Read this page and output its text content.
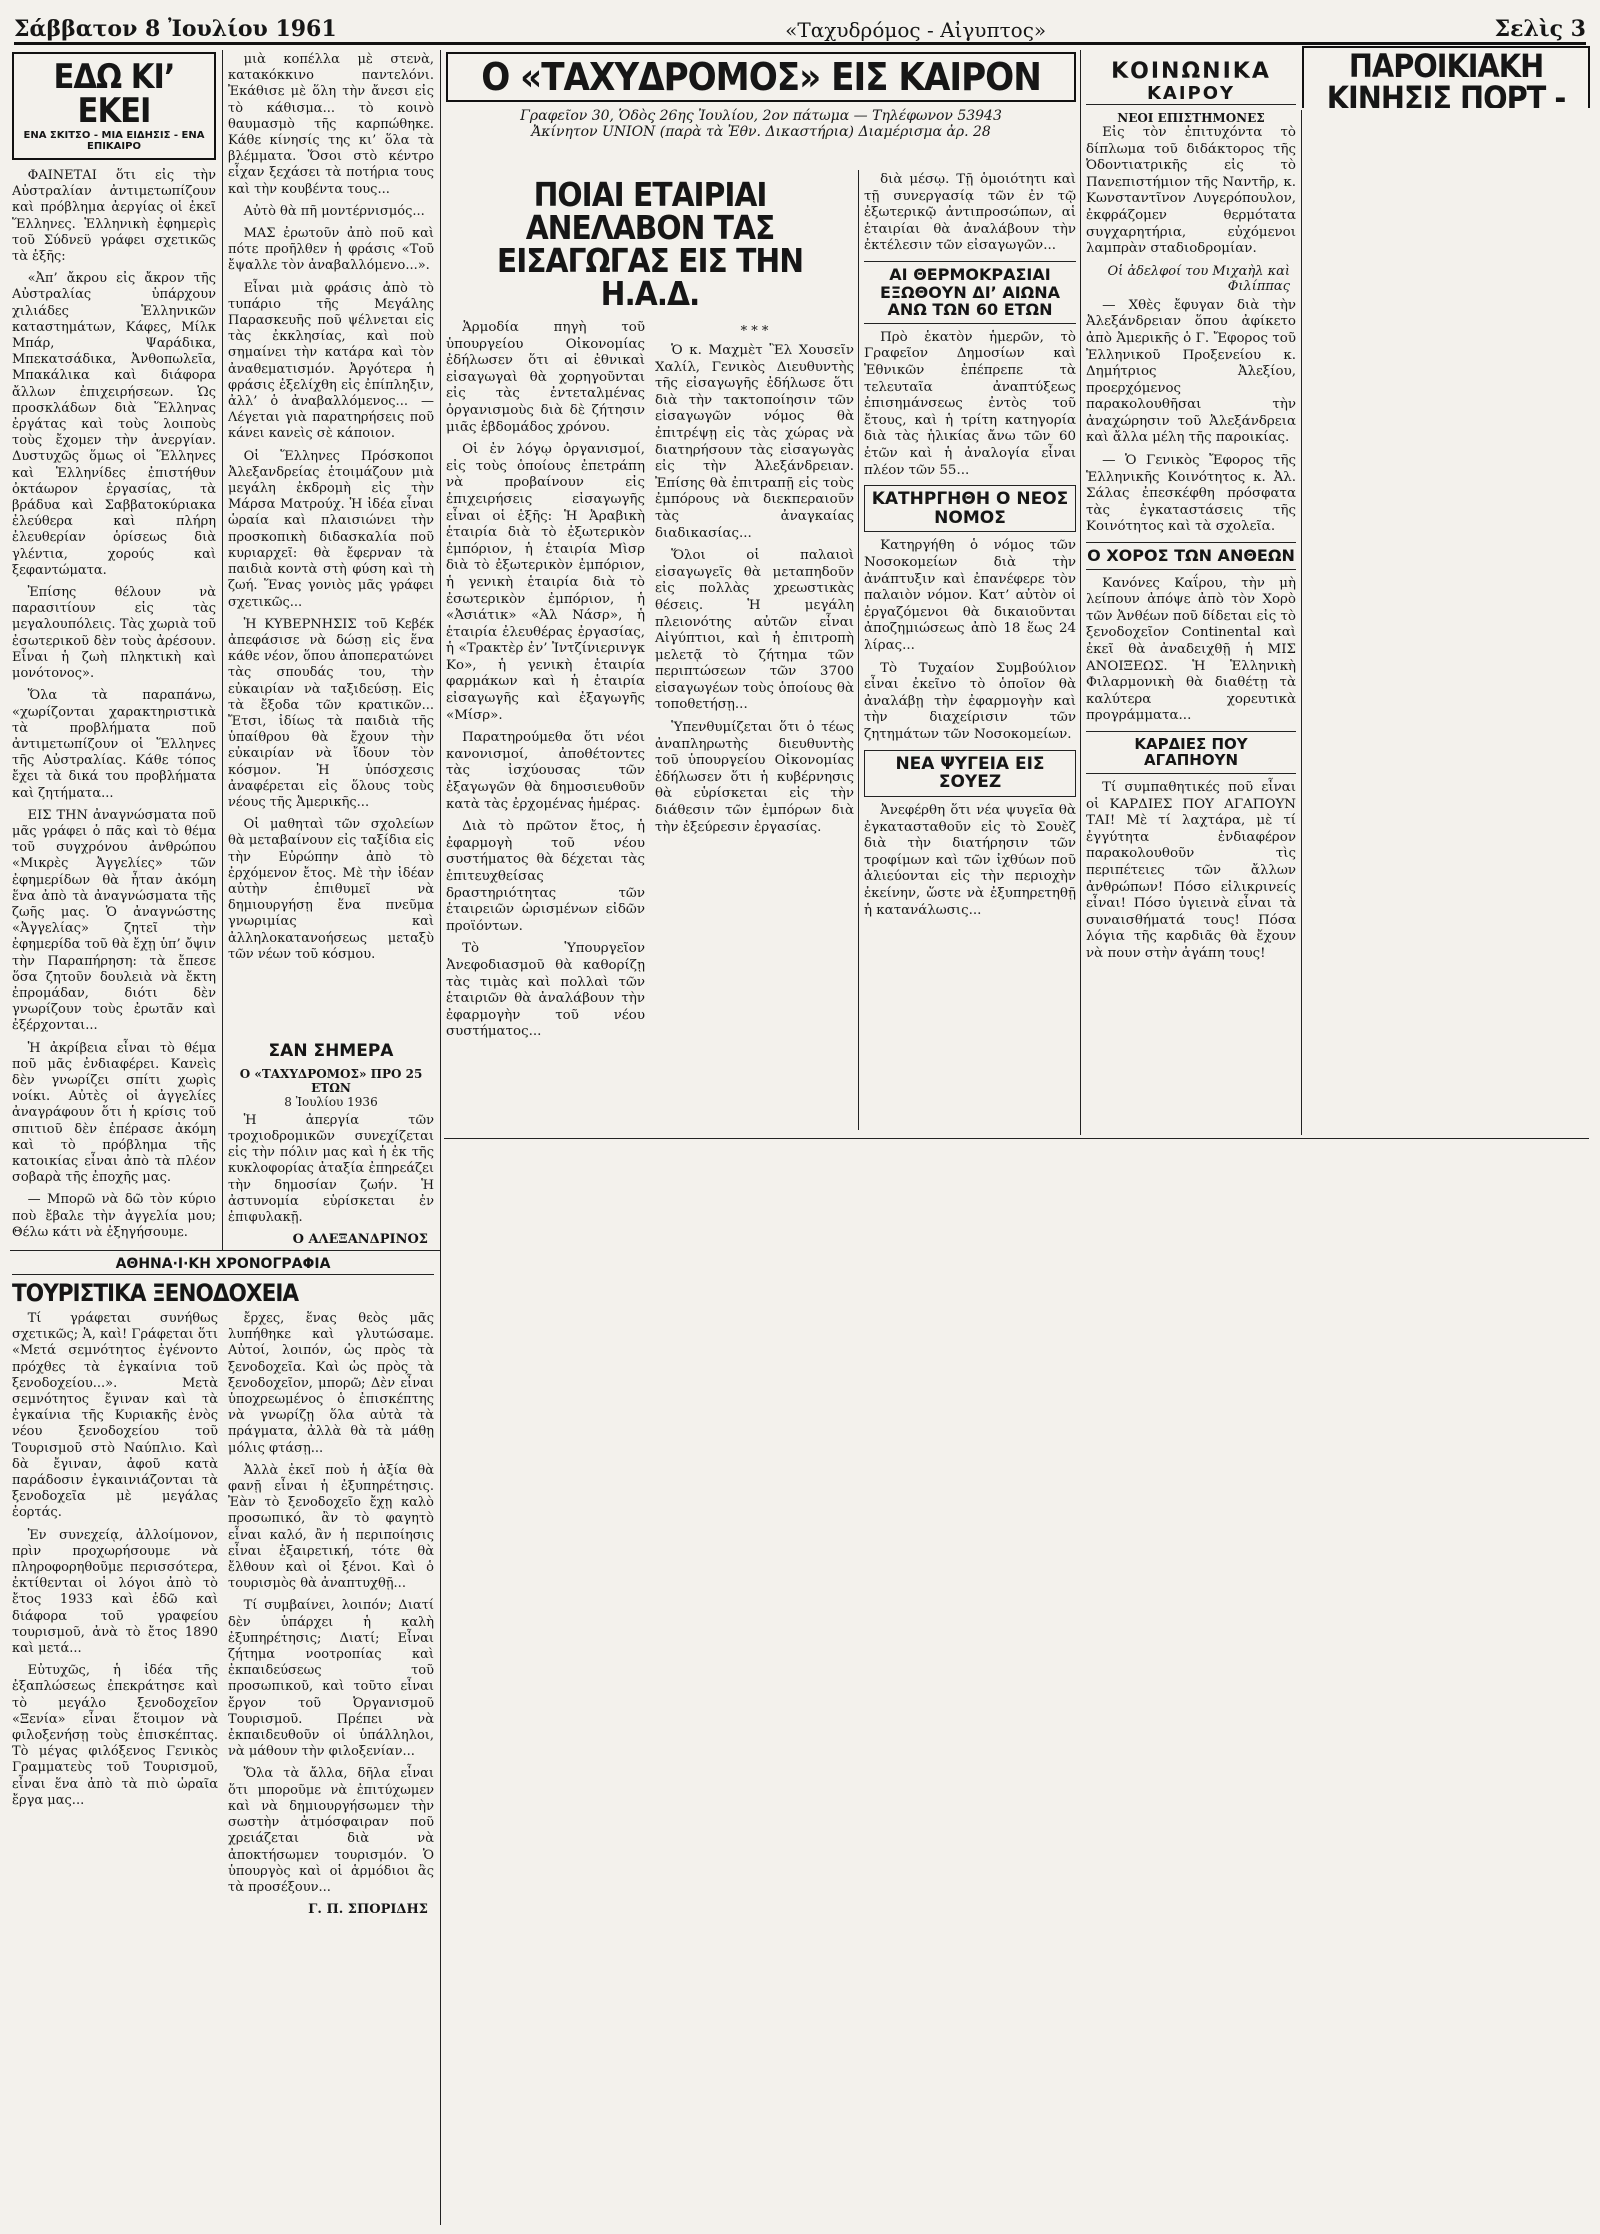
Σάββατον 8 Ἰουλίου 1961	«Ταχυδρόμος - Αἰγυπτος»	Σελὶς 3
ΕΔΩ ΚΙ’ ΕΚΕΙ
ΕΝΑ ΣΚΙΤΣΟ - ΜΙΑ ΕΙΔΗΣΙΣ - ΕΝΑ ΕΠΙΚΑΙΡΟ

ΦΑΙΝΕΤΑΙ ὅτι εἰς τὴν Αὐστραλίαν ἀντιμετωπίζουν καὶ πρόβλημα ἀεργίας οἱ ἐκεῖ Ἕλληνες. Ἑλληνικὴ ἐφημερὶς τοῦ Σύδνεϋ γράφει σχετικῶς τὰ ἑξῆς:

«Ἀπ’ ἄκρου εἰς ἄκρον τῆς Αὐστραλίας ὑπάρχουν χιλιάδες Ἑλληνικῶν καταστημάτων, Κάφες, Μίλκ Μπάρ, Ψαράδικα, Μπεκατσάδικα, Ἀνθοπωλεῖα, Μπακάλικα καὶ διάφορα ἄλλων ἐπιχειρήσεων. Ὡς προσκλάδων διὰ Ἕλληνας ἐργάτας καὶ τοὺς λοιποὺς τοὺς ἔχομεν τὴν ἀνεργίαν. Δυστυχῶς ὅμως οἱ Ἕλληνες καὶ Ἑλληνίδες ἐπιστήθυν ὀκτάωρον ἐργασίας, τὰ βράδυα καὶ Σαββατοκύριακα ἐλεύθερα καὶ πλήρη ἐλευθερίαν ὁρίσεως διὰ γλέντια, χορούς καὶ ξεφαντώματα.

Ἐπίσης θέλουν νὰ παρασιτίουν εἰς τὰς μεγαλουπόλεις. Τὰς χωριὰ τοῦ ἐσωτερικοῦ δὲν τοὺς ἀρέσουν. Εἶναι ἡ ζωὴ πληκτικὴ καὶ μονότονος».

Ὅλα τὰ παραπάνω, «χωρίζονται χαρακτηριστικὰ τὰ προβλήματα ποῦ ἀντιμετωπίζουν οἱ Ἕλληνες τῆς Αὐστραλίας. Κάθε τόπος ἔχει τὰ δικά του προβλήματα καὶ ζητήματα...

ΕΙΣ ΤΗΝ ἀναγνώσματα ποῦ μᾶς γράφει ὁ πᾶς καὶ τὸ θέμα τοῦ συγχρόνου ἀνθρώπου «Μικρὲς Ἀγγελίες» τῶν ἐφημερίδων θὰ ἦταν ἀκόμη ἕνα ἀπὸ τὰ ἀναγνώσματα τῆς ζωῆς μας. Ὁ ἀναγνώστης «Ἀγγελίας» ζητεῖ τὴν ἐφημερίδα τοῦ θὰ ἔχῃ ὑπ’ ὄψιν τὴν Παραπήρηση: τὰ ἔπεσε ὅσα ζητοῦν δουλειὰ νὰ ἔκτη ἐπρομάδαν, διότι δὲν γνωρίζουν τοὺς ἐρωτᾶν καὶ ἐξέρχονται...

Ἡ ἀκρίβεια εἶναι τὸ θέμα ποῦ μᾶς ἐνδιαφέρει. Κανεὶς δὲν γνωρίζει σπίτι χωρὶς νοίκι. Αὐτὲς οἱ ἀγγελίες ἀναγράφουν ὅτι ἡ κρίσις τοῦ σπιτιοῦ δὲν ἐπέρασε ἀκόμη καὶ τὸ πρόβλημα τῆς κατοικίας εἶναι ἀπὸ τὰ πλέον σοβαρὰ τῆς ἐποχῆς μας.

— Μπορῶ νὰ δῶ τὸν κύριο ποὺ ἔβαλε τὴν ἀγγελία μου; Θέλω κάτι νὰ ἐξηγήσουμε.

μιὰ κοπέλλα μὲ στενὰ, κατακόκκινο παντελόνι. Ἐκάθισε μὲ ὅλη τὴν ἄνεσι εἰς τὸ κάθισμα... τὸ κοινὸ θαυμασμὸ τῆς καρπώθηκε. Κάθε κίνησίς της κι’ ὅλα τὰ βλέμματα. Ὅσοι στὸ κέντρο εἶχαν ξεχάσει τὰ ποτήρια τους καὶ τὴν κουβέντα τους...

Αὐτὸ θὰ πῆ μοντέρνισμός...

ΜΑΣ ἐρωτοῦν ἀπὸ ποῦ καὶ πότε προῆλθεν ἡ φράσις «Τοῦ ἔψαλλε τὸν ἀναβαλλόμενο...».

Εἶναι μιὰ φράσις ἀπὸ τὸ τυπάριο τῆς Μεγάλης Παρασκευῆς ποῦ ψέλνεται εἰς τὰς ἐκκλησίας, καὶ ποὺ σημαίνει τὴν κατάρα καὶ τὸν ἀναθεματισμόν. Ἀργότερα ἡ φράσις ἐξελίχθη εἰς ἐπίπληξιν, ἀλλ’ ὁ ἀναβαλλόμενος... — Λέγεται γιὰ παρατηρήσεις ποῦ κάνει κανεὶς σὲ κάποιον.

Οἱ Ἕλληνες Πρόσκοποι Ἀλεξανδρείας ἑτοιμάζουν μιὰ μεγάλη ἐκδρομὴ εἰς τὴν Μάρσα Ματρούχ. Ἡ ἰδέα εἶναι ὡραία καὶ πλαισιώνει τὴν προσκοπικὴ διδασκαλία ποῦ κυριαρχεῖ: θὰ ἔφερναν τὰ παιδιὰ κοντὰ στὴ φύση καὶ τὴ ζωή. Ἕνας γονιὸς μᾶς γράφει σχετικῶς...

Ἡ ΚΥΒΕΡΝΗΣΙΣ τοῦ Κεβέκ ἀπεφάσισε νὰ δώσῃ εἰς ἕνα κάθε νέον, ὅπου ἀποπερατώνει τὰς σπουδάς του, τὴν εὐκαιρίαν νὰ ταξιδεύσῃ. Εἰς τὰ ἔξοδα τῶν κρατικῶν... Ἔτσι, ἰδίως τὰ παιδιὰ τῆς ὑπαίθρου θὰ ἔχουν τὴν εὐκαιρίαν νὰ ἴδουν τὸν κόσμον. Ἡ ὑπόσχεσις ἀναφέρεται εἰς ὅλους τοὺς νέους τῆς Ἀμερικῆς...

Οἱ μαθηταὶ τῶν σχολείων θὰ μεταβαίνουν εἰς ταξίδια εἰς τὴν Εὐρώπην ἀπὸ τὸ ἐρχόμενον ἔτος. Μὲ τὴν ἰδέαν αὐτὴν ἐπιθυμεῖ νὰ δημιουργήσῃ ἕνα πνεῦμα γνωριμίας καὶ ἀλληλοκατανοήσεως μεταξὺ τῶν νέων τοῦ κόσμου.

ΑΘΗΝΑ·Ι·ΚΗ ΧΡΟΝΟΓΡΑΦΙΑ
ΤΟΥΡΙΣΤΙΚΑ ΞΕΝΟΔΟΧΕΙΑ

Τί γράφεται συνήθως σχετικῶς; Ἁ, καὶ! Γράφεται ὅτι «Μετά σεμνότητος ἐγένοντο πρόχθες τὰ ἐγκαίνια τοῦ ξενοδοχείου...». Μετὰ σεμνότητος ἔγιναν καὶ τὰ ἐγκαίνια τῆς Κυριακῆς ἑνὸς νέου ξενοδοχείου τοῦ Τουρισμοῦ στὸ Ναύπλιο. Καὶ δὰ ἔγιναν, ἀφοῦ κατὰ παράδοσιν ἐγκαινιάζονται τὰ ξενοδοχεῖα μὲ μεγάλας ἐορτάς.

Ἐν συνεχείᾳ, ἀλλοίμονον, πρὶν προχωρήσουμε νὰ πληροφορηθοῦμε περισσότερα, ἐκτίθενται οἱ λόγοι ἀπὸ τὸ ἔτος 1933 καὶ ἐδῶ καὶ διάφορα τοῦ γραφείου τουρισμοῦ, ἀνὰ τὸ ἔτος 1890 καὶ μετά...

Εὐτυχῶς, ἡ ἰδέα τῆς ἐξαπλώσεως ἐπεκράτησε καὶ τὸ μεγάλο ξενοδοχεῖον «Ξενία» εἶναι ἕτοιμον νὰ φιλοξενήσῃ τοὺς ἐπισκέπτας. Τὸ μέγας φιλόξενος Γενικὸς Γραμματεὺς τοῦ Τουρισμοῦ, εἶναι ἕνα ἀπὸ τὰ πιὸ ὡραῖα ἔργα μας...

ἔρχες, ἕνας θεὸς μᾶς λυπήθηκε καὶ γλυτώσαμε. Αὐτοί, λοιπόν, ὡς πρὸς τὰ ξενοδοχεῖα. Καὶ ὡς πρὸς τὰ ξενοδοχεῖον, μπορῶ; Δὲν εἶναι ὑποχρεωμένος ὁ ἐπισκέπτης νὰ γνωρίζῃ ὅλα αὐτὰ τὰ πράγματα, ἀλλὰ θὰ τὰ μάθῃ μόλις φτάσῃ...

Ἀλλὰ ἐκεῖ ποὺ ἡ ἀξία θὰ φανῇ εἶναι ἡ ἐξυπηρέτησις. Ἐὰν τὸ ξενοδοχεῖο ἔχῃ καλὸ προσωπικό, ἂν τὸ φαγητὸ εἶναι καλό, ἂν ἡ περιποίησις εἶναι ἐξαιρετική, τότε θὰ ἔλθουν καὶ οἱ ξένοι. Καὶ ὁ τουρισμὸς θὰ ἀναπτυχθῇ...

Τί συμβαίνει, λοιπόν; Διατί δὲν ὑπάρχει ἡ καλὴ ἐξυπηρέτησις; Διατί; Εἶναι ζήτημα νοοτροπίας καὶ ἐκπαιδεύσεως τοῦ προσωπικοῦ, καὶ τοῦτο εἶναι ἔργον τοῦ Ὀργανισμοῦ Τουρισμοῦ. Πρέπει νὰ ἐκπαιδευθοῦν οἱ ὑπάλληλοι, νὰ μάθουν τὴν φιλοξενίαν...

Ὅλα τὰ ἄλλα, δῆλα εἶναι ὅτι μποροῦμε νὰ ἐπιτύχωμεν καὶ νὰ δημιουργήσωμεν τὴν σωστὴν ἀτμόσφαιραν ποῦ χρειάζεται διὰ νὰ ἀποκτήσωμεν τουρισμόν. Ὁ ὑπουργὸς καὶ οἱ ἁρμόδιοι ἂς τὰ προσέξουν...

Γ. Π. ΣΠΟΡΙΔΗΣ
ΣΑΝ ΣΗΜΕΡΑ
Ο «ΤΑΧΥΔΡΟΜΟΣ» ΠΡΟ 25 ΕΤΩΝ
8 Ἰουλίου 1936

Ἡ ἀπεργία τῶν τροχιοδρομικῶν συνεχίζεται εἰς τὴν πόλιν μας καὶ ἡ ἐκ τῆς κυκλοφορίας ἀταξία ἐπηρεάζει τὴν δημοσίαν ζωήν. Ἡ ἀστυνομία εὑρίσκεται ἐν ἐπιφυλακῇ.

Ο ΑΛΕΞΑΝΔΡΙΝΟΣ
Ο «ΤΑΧΥΔΡΟΜΟΣ» ΕΙΣ ΚΑΙΡΟΝ
Γραφεῖον 30, Ὁδὸς 26ης Ἰουλίου, 2ον πάτωμα — Τηλέφωνον 53943
Ἀκίνητον UNION (παρὰ τὰ Ἐθν. Δικαστήρια) Διαμέρισμα ἀρ. 28
ΠΟΙΑΙ ΕΤΑΙΡΙΑΙ ΑΝΕΛΑΒΟΝ ΤΑΣ ΕΙΣΑΓΩΓΑΣ ΕΙΣ ΤΗΝ Η.Α.Δ.

Ἁρμοδία πηγὴ τοῦ ὑπουργείου Οἰκονομίας ἐδήλωσεν ὅτι αἱ ἐθνικαὶ εἰσαγωγαὶ θὰ χορηγοῦνται εἰς τὰς ἐντεταλμένας ὀργανισμοὺς διὰ δὲ ζήτησιν μιᾶς ἑβδομάδος χρόνου.

Οἱ ἐν λόγῳ ὀργανισμοί, εἰς τοὺς ὁποίους ἐπετράπη νὰ προβαίνουν εἰς ἐπιχειρήσεις εἰσαγωγῆς εἶναι οἱ ἑξῆς: Ἡ Ἀραβικὴ ἑταιρία διὰ τὸ ἐξωτερικὸν ἐμπόριον, ἡ ἑταιρία Μὶσρ διὰ τὸ ἐξωτερικὸν ἐμπόριον, ἡ γενικὴ ἑταιρία διὰ τὸ ἐσωτερικὸν ἐμπόριον, ἡ «Ἀσιάτικ» «Ἀλ Νάσρ», ἡ ἑταιρία ἐλευθέρας ἐργασίας, ἡ «Τρακτὲρ ἐν’ Ἰντζίνιερινγκ Κο», ἡ γενικὴ ἑταιρία φαρμάκων καὶ ἡ ἑταιρία εἰσαγωγῆς καὶ ἐξαγωγῆς «Μίσρ».

Παρατηρούμεθα ὅτι νέοι κανονισμοί, ἀποθέτοντες τὰς ἰσχύουσας τῶν ἐξαγωγῶν θὰ δημοσιευθοῦν κατὰ τὰς ἐρχομένας ἡμέρας.

Διὰ τὸ πρῶτον ἔτος, ἡ ἐφαρμογὴ τοῦ νέου συστήματος θὰ δέχεται τὰς ἐπιτευχθείσας δραστηριότητας τῶν ἑταιρειῶν ὡρισμένων εἰδῶν προϊόντων.

Τὸ Ὑπουργεῖον Ἀνεφοδιασμοῦ θὰ καθορίζῃ τὰς τιμὰς καὶ πολλαὶ τῶν ἑταιριῶν θὰ ἀναλάβουν τὴν ἐφαρμογὴν τοῦ νέου συστήματος...

* * *

Ὁ κ. Μαχμὲτ Ἒλ Χουσεῖν Χαλίλ, Γενικὸς Διευθυντὴς τῆς εἰσαγωγῆς ἐδήλωσε ὅτι διὰ τὴν τακτοποίησιν τῶν εἰσαγωγῶν νόμος θὰ ἐπιτρέψῃ εἰς τὰς χώρας νὰ διατηρήσουν τὰς εἰσαγωγὰς εἰς τὴν Ἀλεξάνδρειαν. Ἐπίσης θὰ ἐπιτραπῇ εἰς τοὺς ἐμπόρους νὰ διεκπεραιοῦν τὰς ἀναγκαίας διαδικασίας...

Ὅλοι οἱ παλαιοὶ εἰσαγωγεῖς θὰ μεταπηδοῦν εἰς πολλὰς χρεωστικὰς θέσεις. Ἡ μεγάλη πλειονότης αὐτῶν εἶναι Αἰγύπτιοι, καὶ ἡ ἐπιτροπὴ μελετᾷ τὸ ζήτημα τῶν περιπτώσεων τῶν 3700 εἰσαγωγέων τοὺς ὁποίους θὰ τοποθετήσῃ...

Ὑπενθυμίζεται ὅτι ὁ τέως ἀναπληρωτὴς διευθυντὴς τοῦ ὑπουργείου Οἰκονομίας ἐδήλωσεν ὅτι ἡ κυβέρνησις θὰ εὑρίσκεται εἰς τὴν διάθεσιν τῶν ἐμπόρων διὰ τὴν ἐξεύρεσιν ἐργασίας.

διὰ μέσῳ. Τῇ ὁμοιότητι καὶ τῇ συνεργασίᾳ τῶν ἐν τῷ ἐξωτερικῷ ἀντιπροσώπων, αἱ ἑταιρίαι θὰ ἀναλάβουν τὴν ἐκτέλεσιν τῶν εἰσαγωγῶν...

ΑΙ ΘΕΡΜΟΚΡΑΣΙΑΙ ΕΞΩΘΟΥΝ ΔΙ’ ΑΙΩΝΑ ΑΝΩ ΤΩΝ 60 ΕΤΩΝ

Πρὸ ἑκατὸν ἡμερῶν, τὸ Γραφεῖον Δημοσίων καὶ Ἐθνικῶν ἐπέπρεπε τὰ τελευταῖα ἀναπτύξεως ἐπισημάνσεως ἐντὸς τοῦ ἔτους, καὶ ἡ τρίτη κατηγορία διὰ τὰς ἡλικίας ἄνω τῶν 60 ἐτῶν καὶ ἡ ἀναλογία εἶναι πλέον τῶν 55...

ΚΑΤΗΡΓΗΘΗ Ο ΝΕΟΣ ΝΟΜΟΣ

Κατηργήθη ὁ νόμος τῶν Νοσοκομείων διὰ τὴν ἀνάπτυξιν καὶ ἐπανέφερε τὸν παλαιὸν νόμον. Κατ’ αὐτὸν οἱ ἐργαζόμενοι θὰ δικαιοῦνται ἀποζημιώσεως ἀπὸ 18 ἕως 24 λίρας...

Τὸ Τυχαίον Συμβούλιον εἶναι ἐκεῖνο τὸ ὁποῖον θὰ ἀναλάβῃ τὴν ἐφαρμογὴν καὶ τὴν διαχείρισιν τῶν ζητημάτων τῶν Νοσοκομείων.

ΝΕΑ ΨΥΓΕΙΑ ΕΙΣ ΣΟΥΕΖ

Ἀνεφέρθη ὅτι νέα ψυγεῖα θὰ ἐγκατασταθοῦν εἰς τὸ Σουὲζ διὰ τὴν διατήρησιν τῶν τροφίμων καὶ τῶν ἰχθύων ποῦ ἀλιεύονται εἰς τὴν περιοχὴν ἐκείνην, ὥστε νὰ ἐξυπηρετηθῇ ἡ κατανάλωσις...

ΚΟΙΝΩΝΙΚΑ
ΚΑΙΡΟΥ
ΝΕΟΙ ΕΠΙΣΤΗΜΟΝΕΣ

Εἰς τὸν ἐπιτυχόντα τὸ δίπλωμα τοῦ διδάκτορος τῆς Ὀδοντιατρικῆς εἰς τὸ Πανεπιστήμιον τῆς Ναντῆρ, κ. Κωνσταντῖνον Λυγερόπουλον, ἐκφράζομεν θερμότατα συγχαρητήρια, εὐχόμενοι λαμπρὰν σταδιοδρομίαν.

Οἱ ἀδελφοί του Μιχαὴλ καὶ Φιλίππας

— Χθὲς ἔφυγαν διὰ τὴν Ἀλεξάνδρειαν ὅπου ἀφίκετο ἀπὸ Ἀμερικῆς ὁ Γ. Ἔφορος τοῦ Ἐλληνικοῦ Προξενείου κ. Δημήτριος Ἀλεξίου, προερχόμενος παρακολουθῆσαι τὴν ἀναχώρησιν τοῦ Ἀλεξάνδρεια καὶ ἄλλα μέλη τῆς παροικίας.

— Ὁ Γενικὸς Ἔφορος τῆς Ἑλληνικῆς Κοινότητος κ. Ἀλ. Σάλας ἐπεσκέφθη πρόσφατα τὰς ἐγκαταστάσεις τῆς Κοινότητος καὶ τὰ σχολεῖα.

Ο ΧΟΡΟΣ ΤΩΝ ΑΝΘΕΩΝ

Κανόνες Καΐρου, τὴν μὴ λείπουν ἀπόψε ἀπὸ τὸν Χορὸ τῶν Ἀνθέων ποῦ δίδεται εἰς τὸ ξενοδοχεῖον Continental καὶ ἐκεῖ θὰ ἀναδειχθῇ ἡ ΜΙΣ ΑΝΟΙΞΕΩΣ. Ἡ Ἑλληνικὴ Φιλαρμονικὴ θὰ διαθέτῃ τὰ καλύτερα χορευτικὰ προγράμματα...

ΚΑΡΔΙΕΣ ΠΟΥ ΑΓΑΠΗΟΥΝ

Τί συμπαθητικές ποῦ εἶναι οἱ ΚΑΡΔΙΕΣ ΠΟΥ ΑΓΑΠΟΥΝ ΤΑΙ! Μὲ τί λαχτάρα, μὲ τί ἐγγύτητα ἐνδιαφέρον παρακολουθοῦν τὶς περιπέτειες τῶν ἄλλων ἀνθρώπων! Πόσο εἰλικρινείς εἶναι! Πόσο ὑγιεινὰ εἶναι τὰ συναισθήματά τους! Πόσα λόγια τῆς καρδιᾶς θὰ ἔχουν νὰ πουν στὴν ἀγάπη τους!

ΠΑΡΟΙΚΙΑΚΗ ΚΙΝΗΣΙΣ ΠΟΡΤ -
